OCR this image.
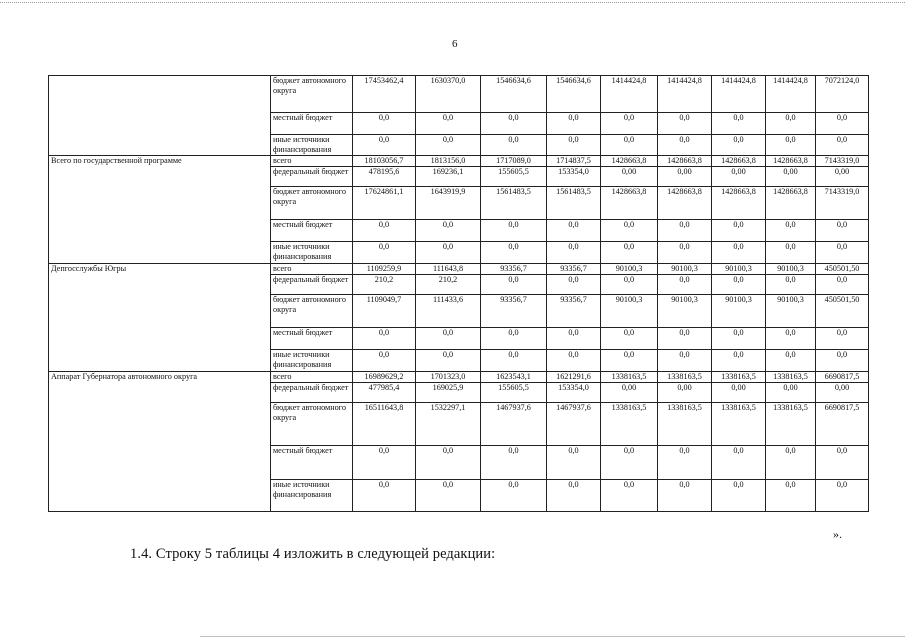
6
	бюджет автономного округа	17453462,4	1630370,0	1546634,6	1546634,6	1414424,8	1414424,8	1414424,8	1414424,8	7072124,0
	местный бюджет	0,0	0,0	0,0	0,0	0,0	0,0	0,0	0,0	0,0
	иные источники финансирования	0,0	0,0	0,0	0,0	0,0	0,0	0,0	0,0	0,0
Всего по государственной программе	всего	18103056,7	1813156,0	1717089,0	1714837,5	1428663,8	1428663,8	1428663,8	1428663,8	7143319,0
	федеральный бюджет	478195,6	169236,1	155605,5	153354,0	0,00	0,00	0,00	0,00	0,00
	бюджет автономного округа	17624861,1	1643919,9	1561483,5	1561483,5	1428663,8	1428663,8	1428663,8	1428663,8	7143319,0
	местный бюджет	0,0	0,0	0,0	0,0	0,0	0,0	0,0	0,0	0,0
	иные источники финансирования	0,0	0,0	0,0	0,0	0,0	0,0	0,0	0,0	0,0
Депгосслужбы Югры	всего	1109259,9	111643,8	93356,7	93356,7	90100,3	90100,3	90100,3	90100,3	450501,50
	федеральный бюджет	210,2	210,2	0,0	0,0	0,0	0,0	0,0	0,0	0,0
	бюджет автономного округа	1109049,7	111433,6	93356,7	93356,7	90100,3	90100,3	90100,3	90100,3	450501,50
	местный бюджет	0,0	0,0	0,0	0,0	0,0	0,0	0,0	0,0	0,0
	иные источники финансирования	0,0	0,0	0,0	0,0	0,0	0,0	0,0	0,0	0,0
Аппарат Губернатора автономного округа	всего	16989629,2	1701323,0	1623543,1	1621291,6	1338163,5	1338163,5	1338163,5	1338163,5	6690817,5
	федеральный бюджет	477985,4	169025,9	155605,5	153354,0	0,00	0,00	0,00	0,00	0,00
	бюджет автономного округа	16511643,8	1532297,1	1467937,6	1467937,6	1338163,5	1338163,5	1338163,5	1338163,5	6690817,5
	местный бюджет	0,0	0,0	0,0	0,0	0,0	0,0	0,0	0,0	0,0
	иные источники финансирования	0,0	0,0	0,0	0,0	0,0	0,0	0,0	0,0	0,0
».
1.4. Строку 5 таблицы 4 изложить в следующей редакции:
